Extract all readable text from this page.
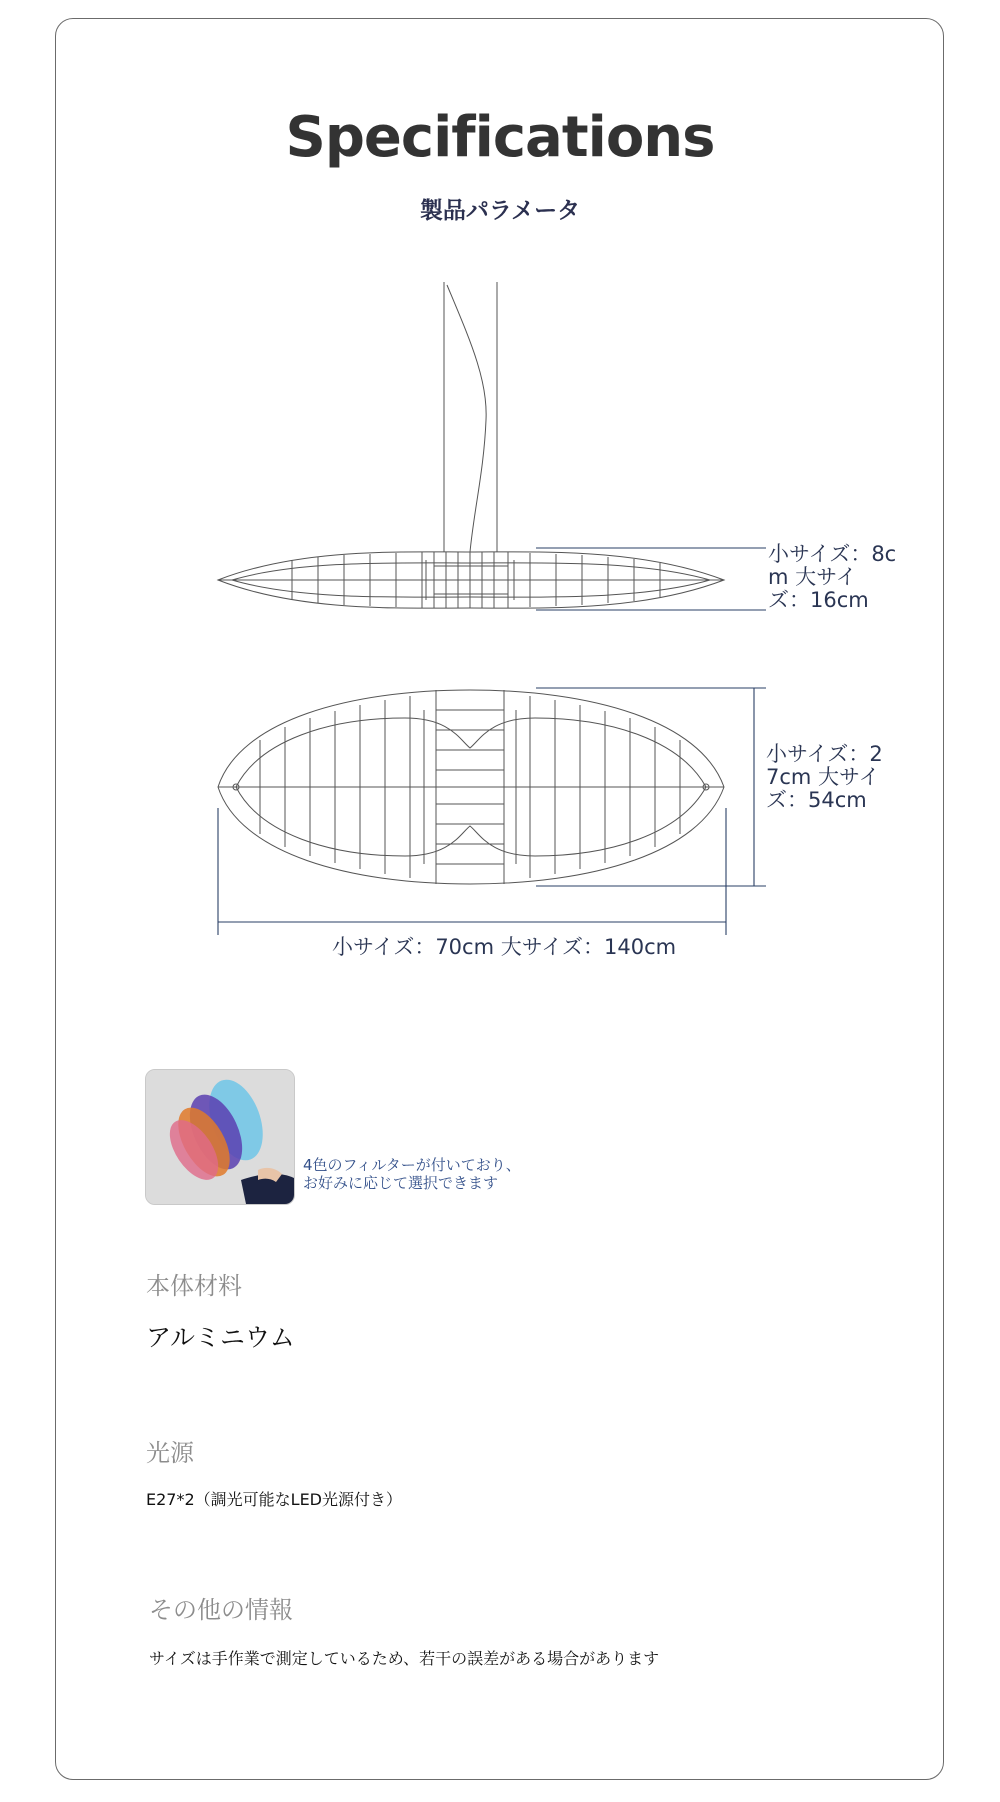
Specifications
製品パラメータ
小サイズ：8cm 大サイズ：16cm
小サイズ：27cm 大サイズ：54cm
小サイズ：70cm 大サイズ：140cm
4色のフィルターが付いており、
お好みに応じて選択できます
本体材料
アルミニウム
光源
E27*2（調光可能なLED光源付き）
その他の情報
サイズは手作業で測定しているため、若干の誤差がある場合があります
